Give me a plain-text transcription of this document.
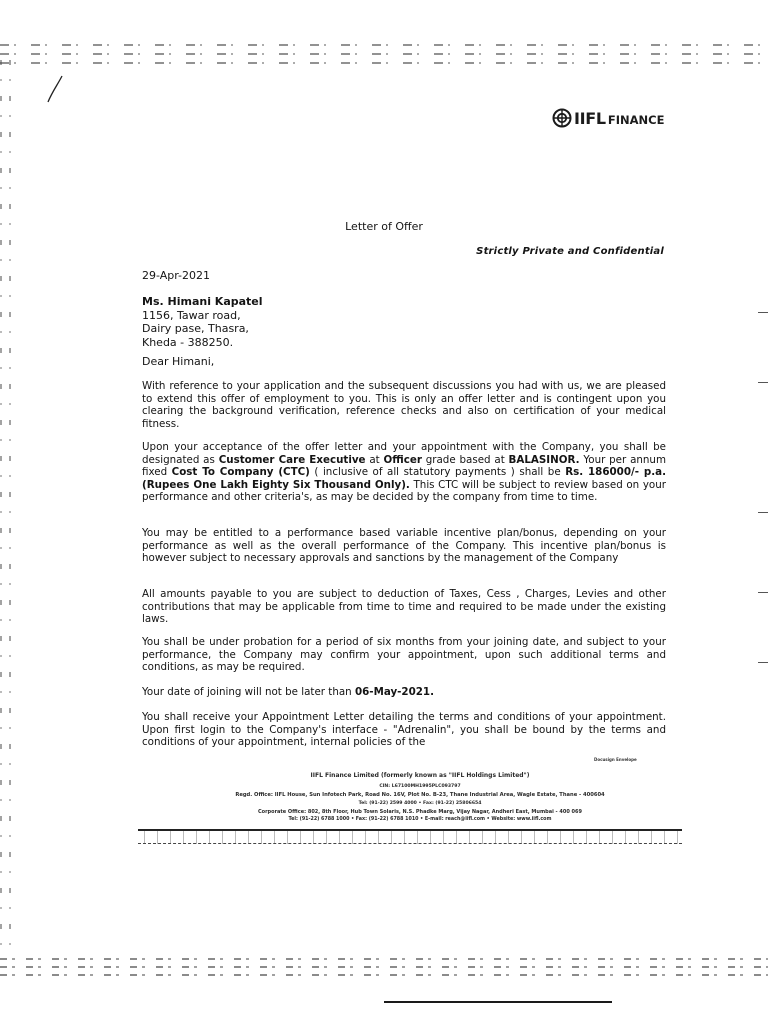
IIFL FINANCE
Letter of Offer
Strictly Private and Confidential
29-Apr-2021
Ms. Himani Kapatel
1156, Tawar road,
Dairy pase, Thasra,
Kheda - 388250.
Dear Himani,

With reference to your application and the subsequent discussions you had with us, we are pleased to extend this offer of employment to you. This is only an offer letter and is contingent upon you clearing the background verification, reference checks and also on certification of your medical fitness.

Upon your acceptance of the offer letter and your appointment with the Company, you shall be designated as Customer Care Executive at Officer grade based at BALASINOR. Your per annum fixed Cost To Company (CTC) ( inclusive of all statutory payments ) shall be Rs. 186000/- p.a. (Rupees One Lakh Eighty Six Thousand Only). This CTC will be subject to review based on your performance and other criteria's, as may be decided by the company from time to time.

You may be entitled to a performance based variable incentive plan/bonus, depending on your performance as well as the overall performance of the Company. This incentive plan/bonus is however subject to necessary approvals and sanctions by the management of the Company

All amounts payable to you are subject to deduction of Taxes, Cess , Charges, Levies and other contributions that may be applicable from time to time and required to be made under the existing laws.

You shall be under probation for a period of six months from your joining date, and subject to your performance, the Company may confirm your appointment, upon such additional terms and conditions, as may be required.

Your date of joining will not be later than 06-May-2021.

You shall receive your Appointment Letter detailing the terms and conditions of your appointment. Upon first login to the Company's interface - "Adrenalin", you shall be bound by the terms and conditions of your appointment, internal policies of the

Docusign Envelope
IIFL Finance Limited (formerly known as "IIFL Holdings Limited")
CIN: L67100MH1995PLC093797
Regd. Office: IIFL House, Sun Infotech Park, Road No. 16V, Plot No. B-23, Thane Industrial Area, Wagle Estate, Thane - 400604
Tel: (91-22) 2599 4000 • Fax: (91-22) 25806654
Corporate Office: 802, 8th Floor, Hub Town Solaris, N.S. Phadke Marg, Vijay Nagar, Andheri East, Mumbai - 400 069
Tel: (91-22) 6788 1000 • Fax: (91-22) 6788 1010 • E-mail: reach@iifl.com • Website: www.iifl.com
